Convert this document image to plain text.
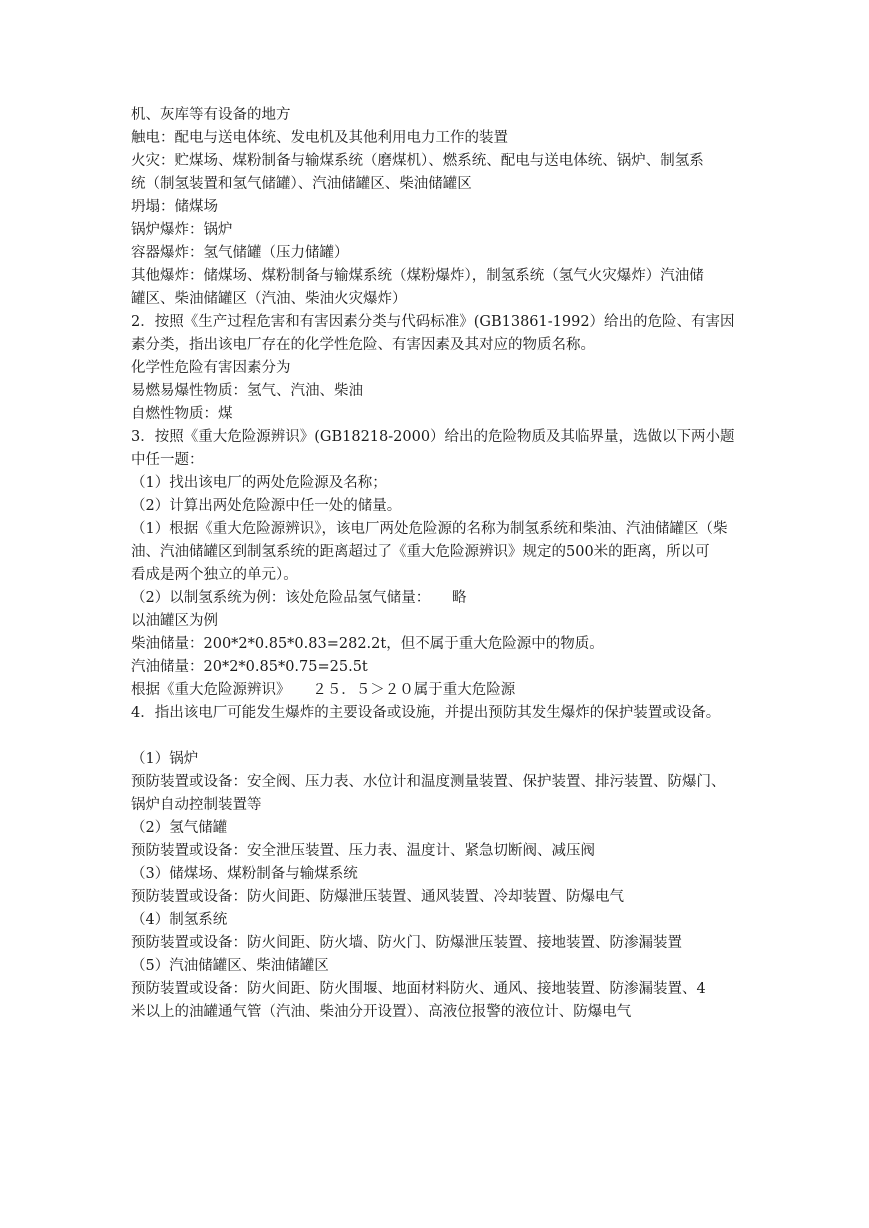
机、灰库等有设备的地方
触电：配电与送电体统、发电机及其他利用电力工作的装置
火灾：贮煤场、煤粉制备与输煤系统（磨煤机）、燃系统、配电与送电体统、锅炉、制氢系
统（制氢装置和氢气储罐）、汽油储罐区、柴油储罐区
坍塌：储煤场
锅炉爆炸：锅炉
容器爆炸：氢气储罐（压力储罐）
其他爆炸：储煤场、煤粉制备与输煤系统（煤粉爆炸），制氢系统（氢气火灾爆炸）汽油储
罐区、柴油储罐区（汽油、柴油火灾爆炸）
2．按照《生产过程危害和有害因素分类与代码标准》(GB13861-1992）给出的危险、有害因
素分类，指出该电厂存在的化学性危险、有害因素及其对应的物质名称。
化学性危险有害因素分为
易燃易爆性物质：氢气、汽油、柴油
自燃性物质：煤
3．按照《重大危险源辨识》(GB18218-2000）给出的危险物质及其临界量，选做以下两小题
中任一题：
（1）找出该电厂的两处危险源及名称；
（2）计算出两处危险源中任一处的储量。
（1）根据《重大危险源辨识》，该电厂两处危险源的名称为制氢系统和柴油、汽油储罐区（柴
油、汽油储罐区到制氢系统的距离超过了《重大危险源辨识》规定的500米的距离，所以可
看成是两个独立的单元）。
（2）以制氢系统为例：该处危险品氢气储量：　　略
以油罐区为例
柴油储量：200*2*0.85*0.83=282.2t，但不属于重大危险源中的物质。
汽油储量：20*2*0.85*0.75=25.5t
根据《重大危险源辨识》　　２５．５＞２０属于重大危险源
4．指出该电厂可能发生爆炸的主要设备或设施，并提出预防其发生爆炸的保护装置或设备。
（1）锅炉
预防装置或设备：安全阀、压力表、水位计和温度测量装置、保护装置、排污装置、防爆门、
锅炉自动控制装置等
（2）氢气储罐
预防装置或设备：安全泄压装置、压力表、温度计、紧急切断阀、减压阀
（3）储煤场、煤粉制备与输煤系统
预防装置或设备：防火间距、防爆泄压装置、通风装置、冷却装置、防爆电气
（4）制氢系统
预防装置或设备：防火间距、防火墙、防火门、防爆泄压装置、接地装置、防渗漏装置
（5）汽油储罐区、柴油储罐区
预防装置或设备：防火间距、防火围堰、地面材料防火、通风、接地装置、防渗漏装置、4
米以上的油罐通气管（汽油、柴油分开设置）、高液位报警的液位计、防爆电气
